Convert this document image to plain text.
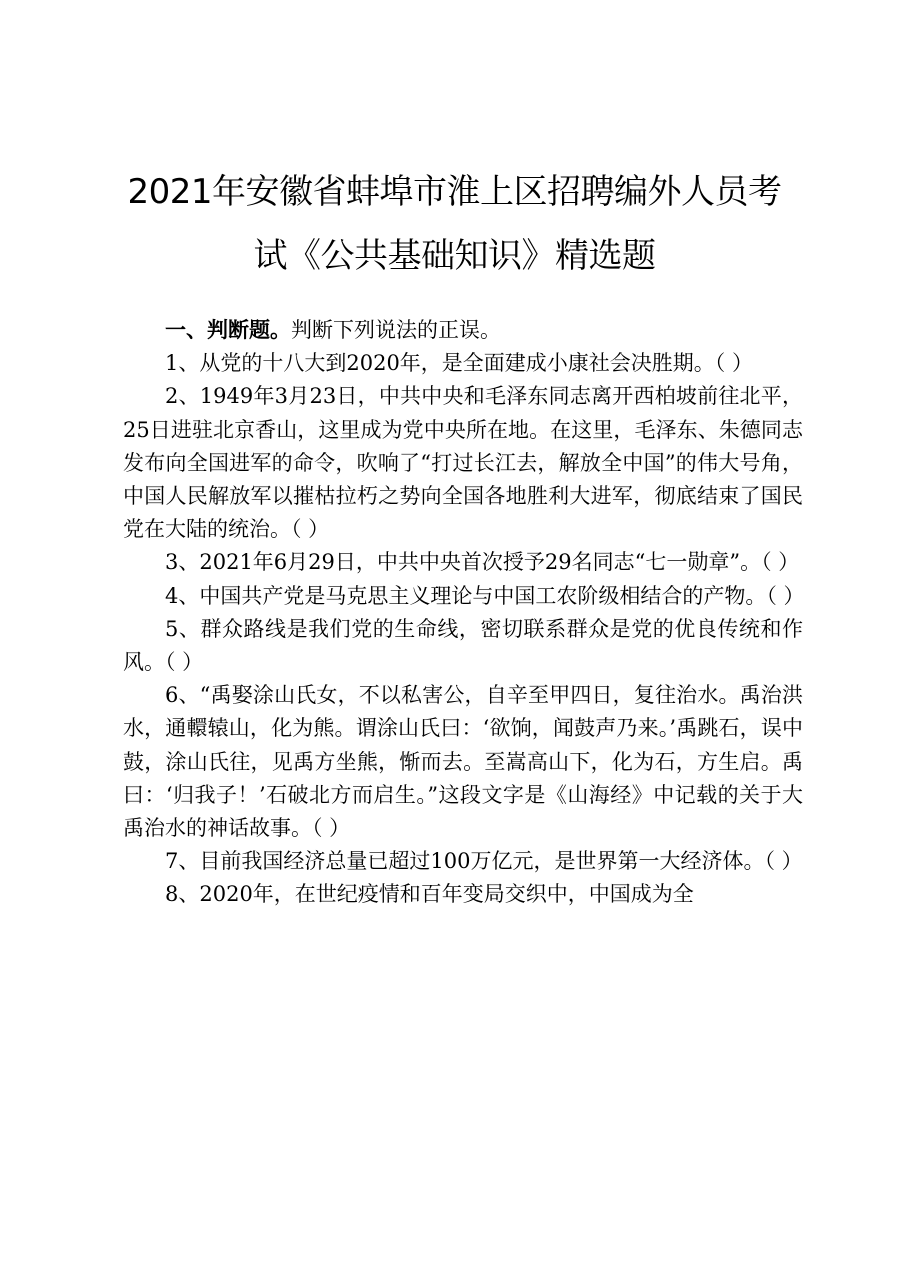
2021年安徽省蚌埠市淮上区招聘编外人员考
试《公共基础知识》精选题

一、判断题。判断下列说法的正误。

1、从党的十八大到2020年，是全面建成小康社会决胜期。（ ）

2、1949年3月23日，中共中央和毛泽东同志离开西柏坡前往北平，25日进驻北京香山，这里成为党中央所在地。在这里，毛泽东、朱德同志发布向全国进军的命令，吹响了“打过长江去，解放全中国”的伟大号角，中国人民解放军以摧枯拉朽之势向全国各地胜利大进军，彻底结束了国民党在大陆的统治。（ ）

3、2021年6月29日，中共中央首次授予29名同志“七一勋章”。（ ）

4、中国共产党是马克思主义理论与中国工农阶级相结合的产物。（ ）

5、群众路线是我们党的生命线，密切联系群众是党的优良传统和作风。（ ）

6、“禹娶涂山氏女，不以私害公，自辛至甲四日，复往治水。禹治洪水，通轘辕山，化为熊。谓涂山氏曰：‘欲饷，闻鼓声乃来。’禹跳石，误中鼓，涂山氏往，见禹方坐熊，惭而去。至嵩高山下，化为石，方生启。禹曰：‘归我子！’石破北方而启生。”这段文字是《山海经》中记载的关于大禹治水的神话故事。（ ）

7、目前我国经济总量已超过100万亿元，是世界第一大经济体。（ ）

8、2020年，在世纪疫情和百年变局交织中，中国成为全
